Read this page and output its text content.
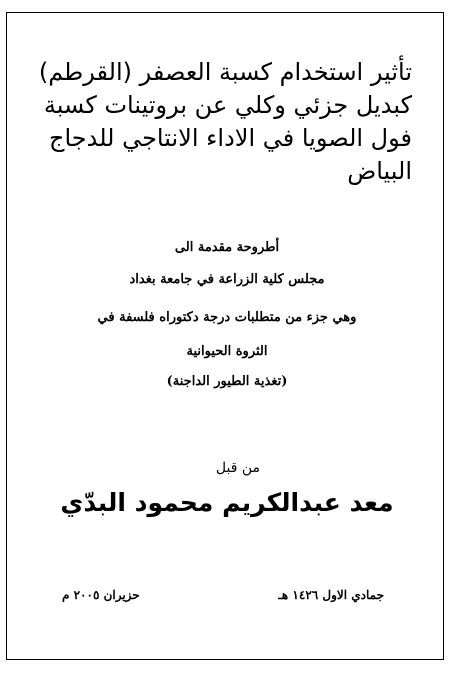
تأثير استخدام كسبة العصفر (القرطم)
كبديل جزئي وكلي عن بروتينات كسبة
فول الصويا في الاداء الانتاجي للدجاج
البياض
أطروحة مقدمة الى
مجلس كلية الزراعة في جامعة بغداد
وهي جزء من متطلبات درجة دكتوراه فلسفة في
الثروة الحيوانية
(تغذية الطيور الداجنة)
من قبل
معد عبدالكريم محمود البدّي
جمادي الاول ١٤٢٦ هـ
حزيران ٢٠٠٥ م
